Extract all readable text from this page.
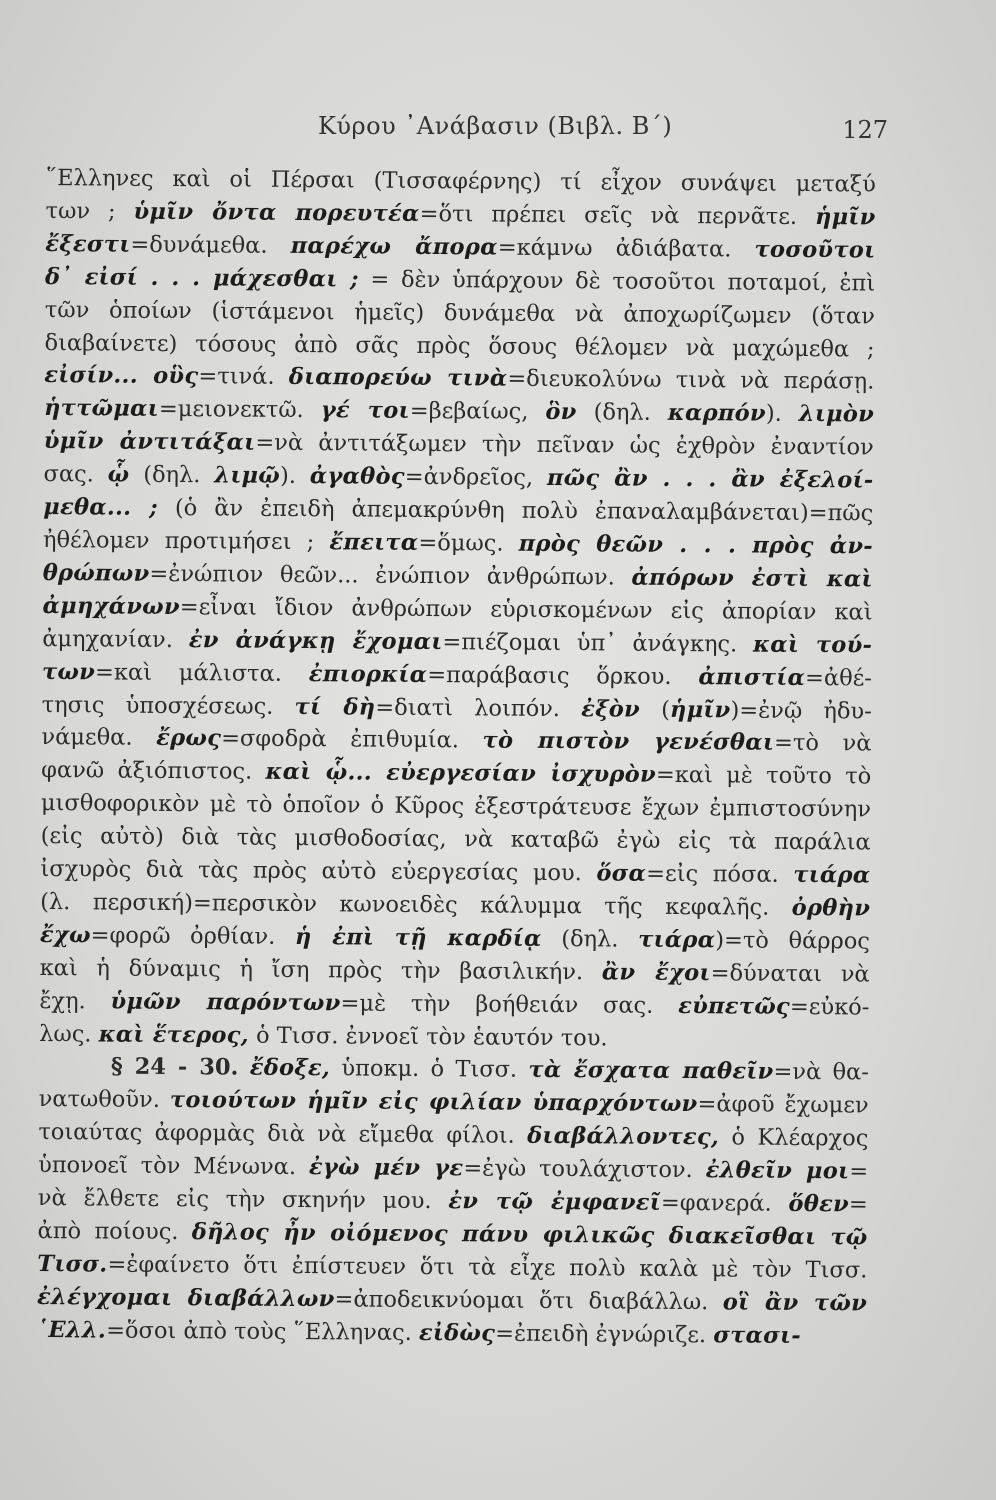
Κύρου ᾿Ανάβασιν (Βιβλ. Β΄)	127
῞Ελληνες καὶ οἱ Πέρσαι (Τισσαφέρνης) τί εἶχον συνάψει μεταξύ
των ; ὑμῖν ὄντα πορευτέα=ὅτι πρέπει σεῖς νὰ περνᾶτε. ἡμῖν
ἔξεστι=δυνάμεθα. παρέχω ἄπορα=κάμνω ἀδιάβατα. τοσοῦτοι
δ᾿ εἰσί . . . μάχεσθαι ; = δὲν ὑπάρχουν δὲ τοσοῦτοι ποταμοί, ἐπὶ
τῶν ὁποίων (ἱστάμενοι ἡμεῖς) δυνάμεθα νὰ ἀποχωρίζωμεν (ὅταν
διαβαίνετε) τόσους ἀπὸ σᾶς πρὸς ὅσους θέλομεν νὰ μαχώμεθα ;
εἰσίν... οὓς=τινά. διαπορεύω τινὰ=διευκολύνω τινὰ νὰ περάσῃ.
ἡττῶμαι=μειονεκτῶ. γέ τοι=βεβαίως, ὃν (δηλ. καρπόν). λιμὸν
ὑμῖν ἀντιτάξαι=νὰ ἀντιτάξωμεν τὴν πεῖναν ὡς ἐχθρὸν ἐναντίον
σας. ᾧ (δηλ. λιμῷ). ἀγαθὸς=ἀνδρεῖος, πῶς ἂν . . . ἂν ἐξελοί-
μεθα... ; (ὁ ἂν ἐπειδὴ ἀπεμακρύνθη πολὺ ἐπαναλαμβάνεται)=πῶς
ἠθέλομεν προτιμήσει ; ἔπειτα=ὅμως. πρὸς θεῶν . . . πρὸς ἀν-
θρώπων=ἐνώπιον θεῶν... ἐνώπιον ἀνθρώπων. ἀπόρων ἐστὶ καὶ
ἀμηχάνων=εἶναι ἴδιον ἀνθρώπων εὑρισκομένων εἰς ἀπορίαν καὶ
ἀμηχανίαν. ἐν ἀνάγκῃ ἔχομαι=πιέζομαι ὑπ᾿ ἀνάγκης. καὶ τού-
των=καὶ μάλιστα. ἐπιορκία=παράβασις ὅρκου. ἀπιστία=ἀθέ-
τησις ὑποσχέσεως. τί δὴ=διατὶ λοιπόν. ἐξὸν (ἡμῖν)=ἐνῷ ἠδυ-
νάμεθα. ἔρως=σφοδρὰ ἐπιθυμία. τὸ πιστὸν γενέσθαι=τὸ νὰ
φανῶ ἀξιόπιστος. καὶ ᾧ... εὐεργεσίαν ἰσχυρὸν=καὶ μὲ τοῦτο τὸ
μισθοφορικὸν μὲ τὸ ὁποῖον ὁ Κῦρος ἐξεστράτευσε ἔχων ἐμπιστοσύνην
(εἰς αὐτὸ) διὰ τὰς μισθοδοσίας, νὰ καταβῶ ἐγὼ εἰς τὰ παράλια
ἰσχυρὸς διὰ τὰς πρὸς αὐτὸ εὐεργεσίας μου. ὅσα=εἰς πόσα. τιάρα
(λ. περσική)=περσικὸν κωνοειδὲς κάλυμμα τῆς κεφαλῆς. ὀρθὴν
ἔχω=φορῶ ὀρθίαν. ἡ ἐπὶ τῇ καρδίᾳ (δηλ. τιάρα)=τὸ θάρρος
καὶ ἡ δύναμις ἡ ἴση πρὸς τὴν βασιλικήν. ἂν ἔχοι=δύναται νὰ
ἔχῃ. ὑμῶν παρόντων=μὲ τὴν βοήθειάν σας. εὐπετῶς=εὐκό-
λως. καὶ ἕτερος, ὁ Τισσ. ἐννοεῖ τὸν ἑαυτόν του.
§ 24 - 30. ἔδοξε, ὑποκμ. ὁ Τισσ. τὰ ἔσχατα παθεῖν=νὰ θα-
νατωθοῦν. τοιούτων ἡμῖν εἰς φιλίαν ὑπαρχόντων=ἀφοῦ ἔχωμεν
τοιαύτας ἀφορμὰς διὰ νὰ εἴμεθα φίλοι. διαβάλλοντες, ὁ Κλέαρχος
ὑπονοεῖ τὸν Μένωνα. ἐγὼ μέν γε=ἐγὼ τουλάχιστον. ἐλθεῖν μοι=
νὰ ἔλθετε εἰς τὴν σκηνήν μου. ἐν τῷ ἐμφανεῖ=φανερά. ὅθεν=
ἀπὸ ποίους. δῆλος ἦν οἰόμενος πάνυ φιλικῶς διακεῖσθαι τῷ
Τισσ.=ἐφαίνετο ὅτι ἐπίστευεν ὅτι τὰ εἶχε πολὺ καλὰ μὲ τὸν Τισσ.
ἐλέγχομαι διαβάλλων=ἀποδεικνύομαι ὅτι διαβάλλω. οἳ ἂν τῶν
῾Ελλ.=ὅσοι ἀπὸ τοὺς ῞Ελληνας. εἰδὼς=ἐπειδὴ ἐγνώριζε. στασι-
